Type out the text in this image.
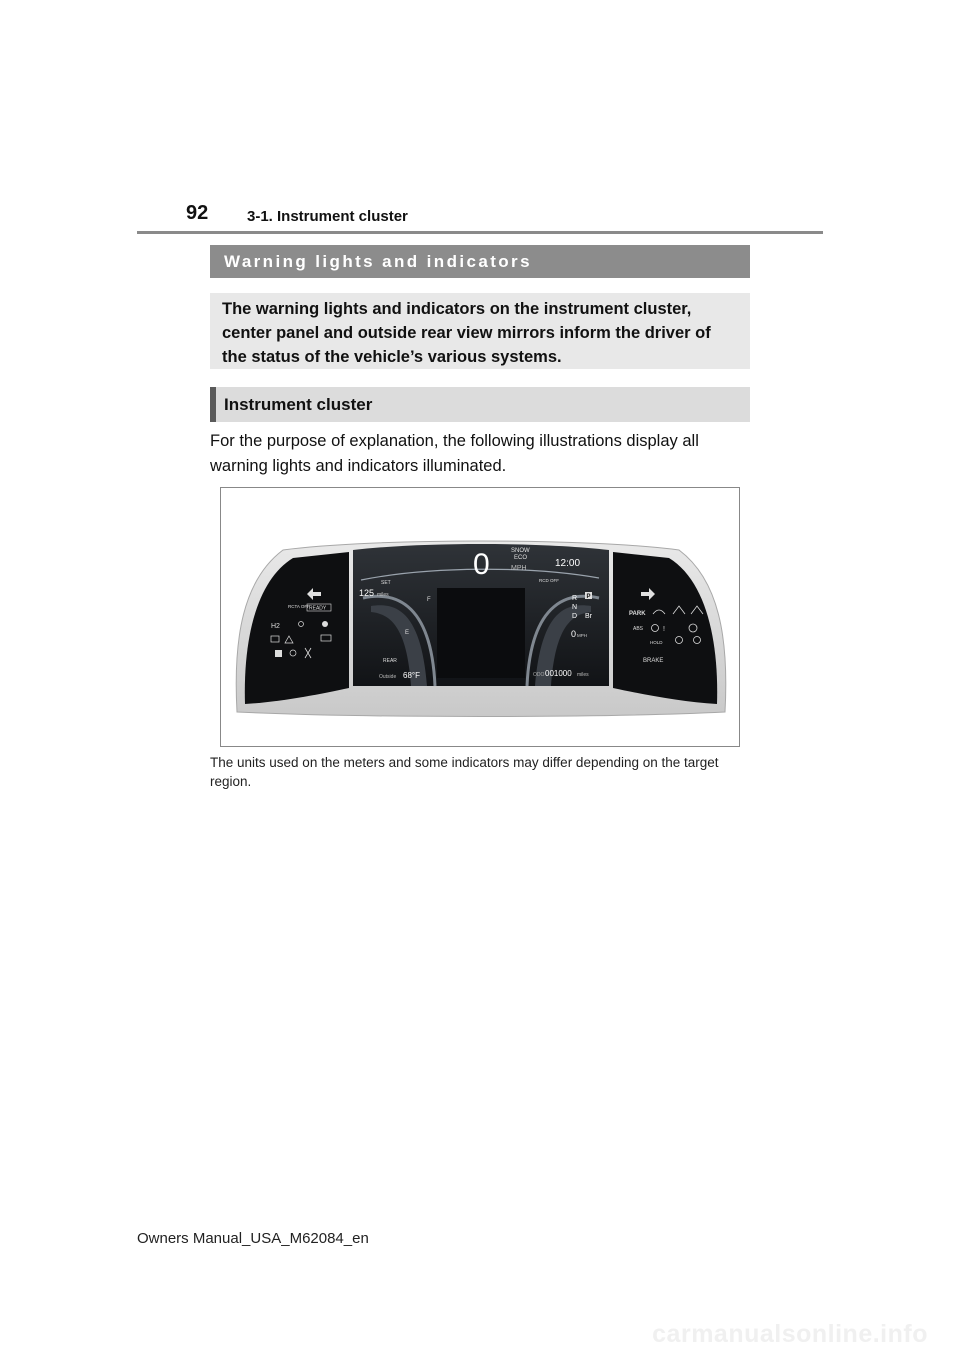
92	3-1. Instrument cluster
Warning lights and indicators
The warning lights and indicators on the instrument cluster, center panel and outside rear view mirrors inform the driver of the status of the vehicle’s various systems.
Instrument cluster
For the purpose of explanation, the following illustrations display all warning lights and indicators illuminated.
0	SNOW
ECO
MPH	12:00
SET
125 miles
F
E
RCD OFF
P
R
N
D Br
0 MPH
REAR
Outside 68°F	ODO 001000 miles
RCTA OFF READY
H2
PARK
ABS	!
HOLD
BRAKE
The units used on the meters and some indicators may differ depending on the target region.
Owners Manual_USA_M62084_en
carmanualsonline.info
